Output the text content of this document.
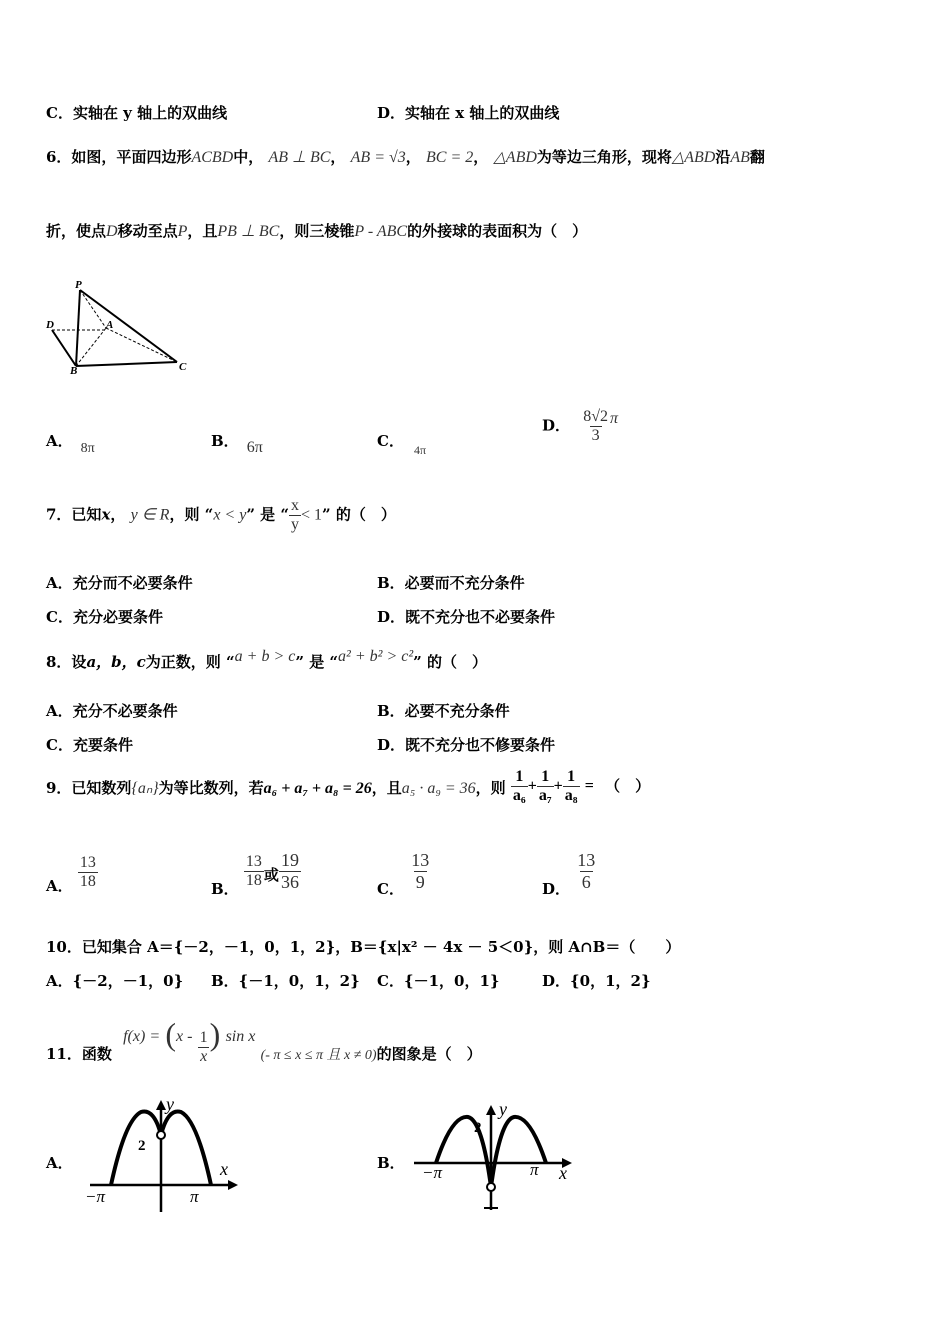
C．实轴在 y 轴上的双曲线	D．实轴在 x 轴上的双曲线
6．如图，平面四边形ACBD中， AB ⊥ BC， AB = √3， BC = 2， △ABD为等边三角形，现将△ABD沿AB翻
折，使点D移动至点P，且PB ⊥ BC，则三棱锥P - ABC的外接球的表面积为（　）
P
D	A
B	C
A． 8π	B． 6π	C． $_{4\pi}$
D． $\frac{8√2}{3}$ π
7．已知x， y ∈ R，则 “x < y” 是 “ $\frac{x}{y} < 1$” 的（　）
A．充分而不必要条件	B．必要而不充分条件
C．充分必要条件	D．既不充分也不必要条件
8．设a，b，c为正数，则 “a + b > c” 是 “a² + b² > c²” 的（　）
A．充分不必要条件	B．必要不充分条件
C．充要条件	D．既不充分也不修要条件
9．已知数列{aₙ}为等比数列，若a₆ + a₇ + a₈ = 26，且a₅ · a₉ = 36，则 $\frac{1}{\text{a₆}} + \frac{1}{\text{a₇}} + \frac{1}{\text{a₈}}$ = （　）
A． $\frac{13}{18}$	B． $\frac{13}{18}$ 或 $\frac{19}{36}$	C． $\frac{13}{9}$	D． $\frac{13}{6}$
10．已知集合 A＝{－2，－1，0，1，2}，B＝{x|x² － 4x － 5＜0}，则 A∩B＝（　　）
A．{－2，－1，0} B．{－1，0，1，2} C．{－1，0，1}	D．{0，1，2}
11．函数 $f(x) = (x - \frac{1}{x}$ ) sin x (- π ≤ x ≤ π 且 x ≠ 0)的图象是（　）
A．
y
2
x
−π	π
B．
y
2
x
−π	π
